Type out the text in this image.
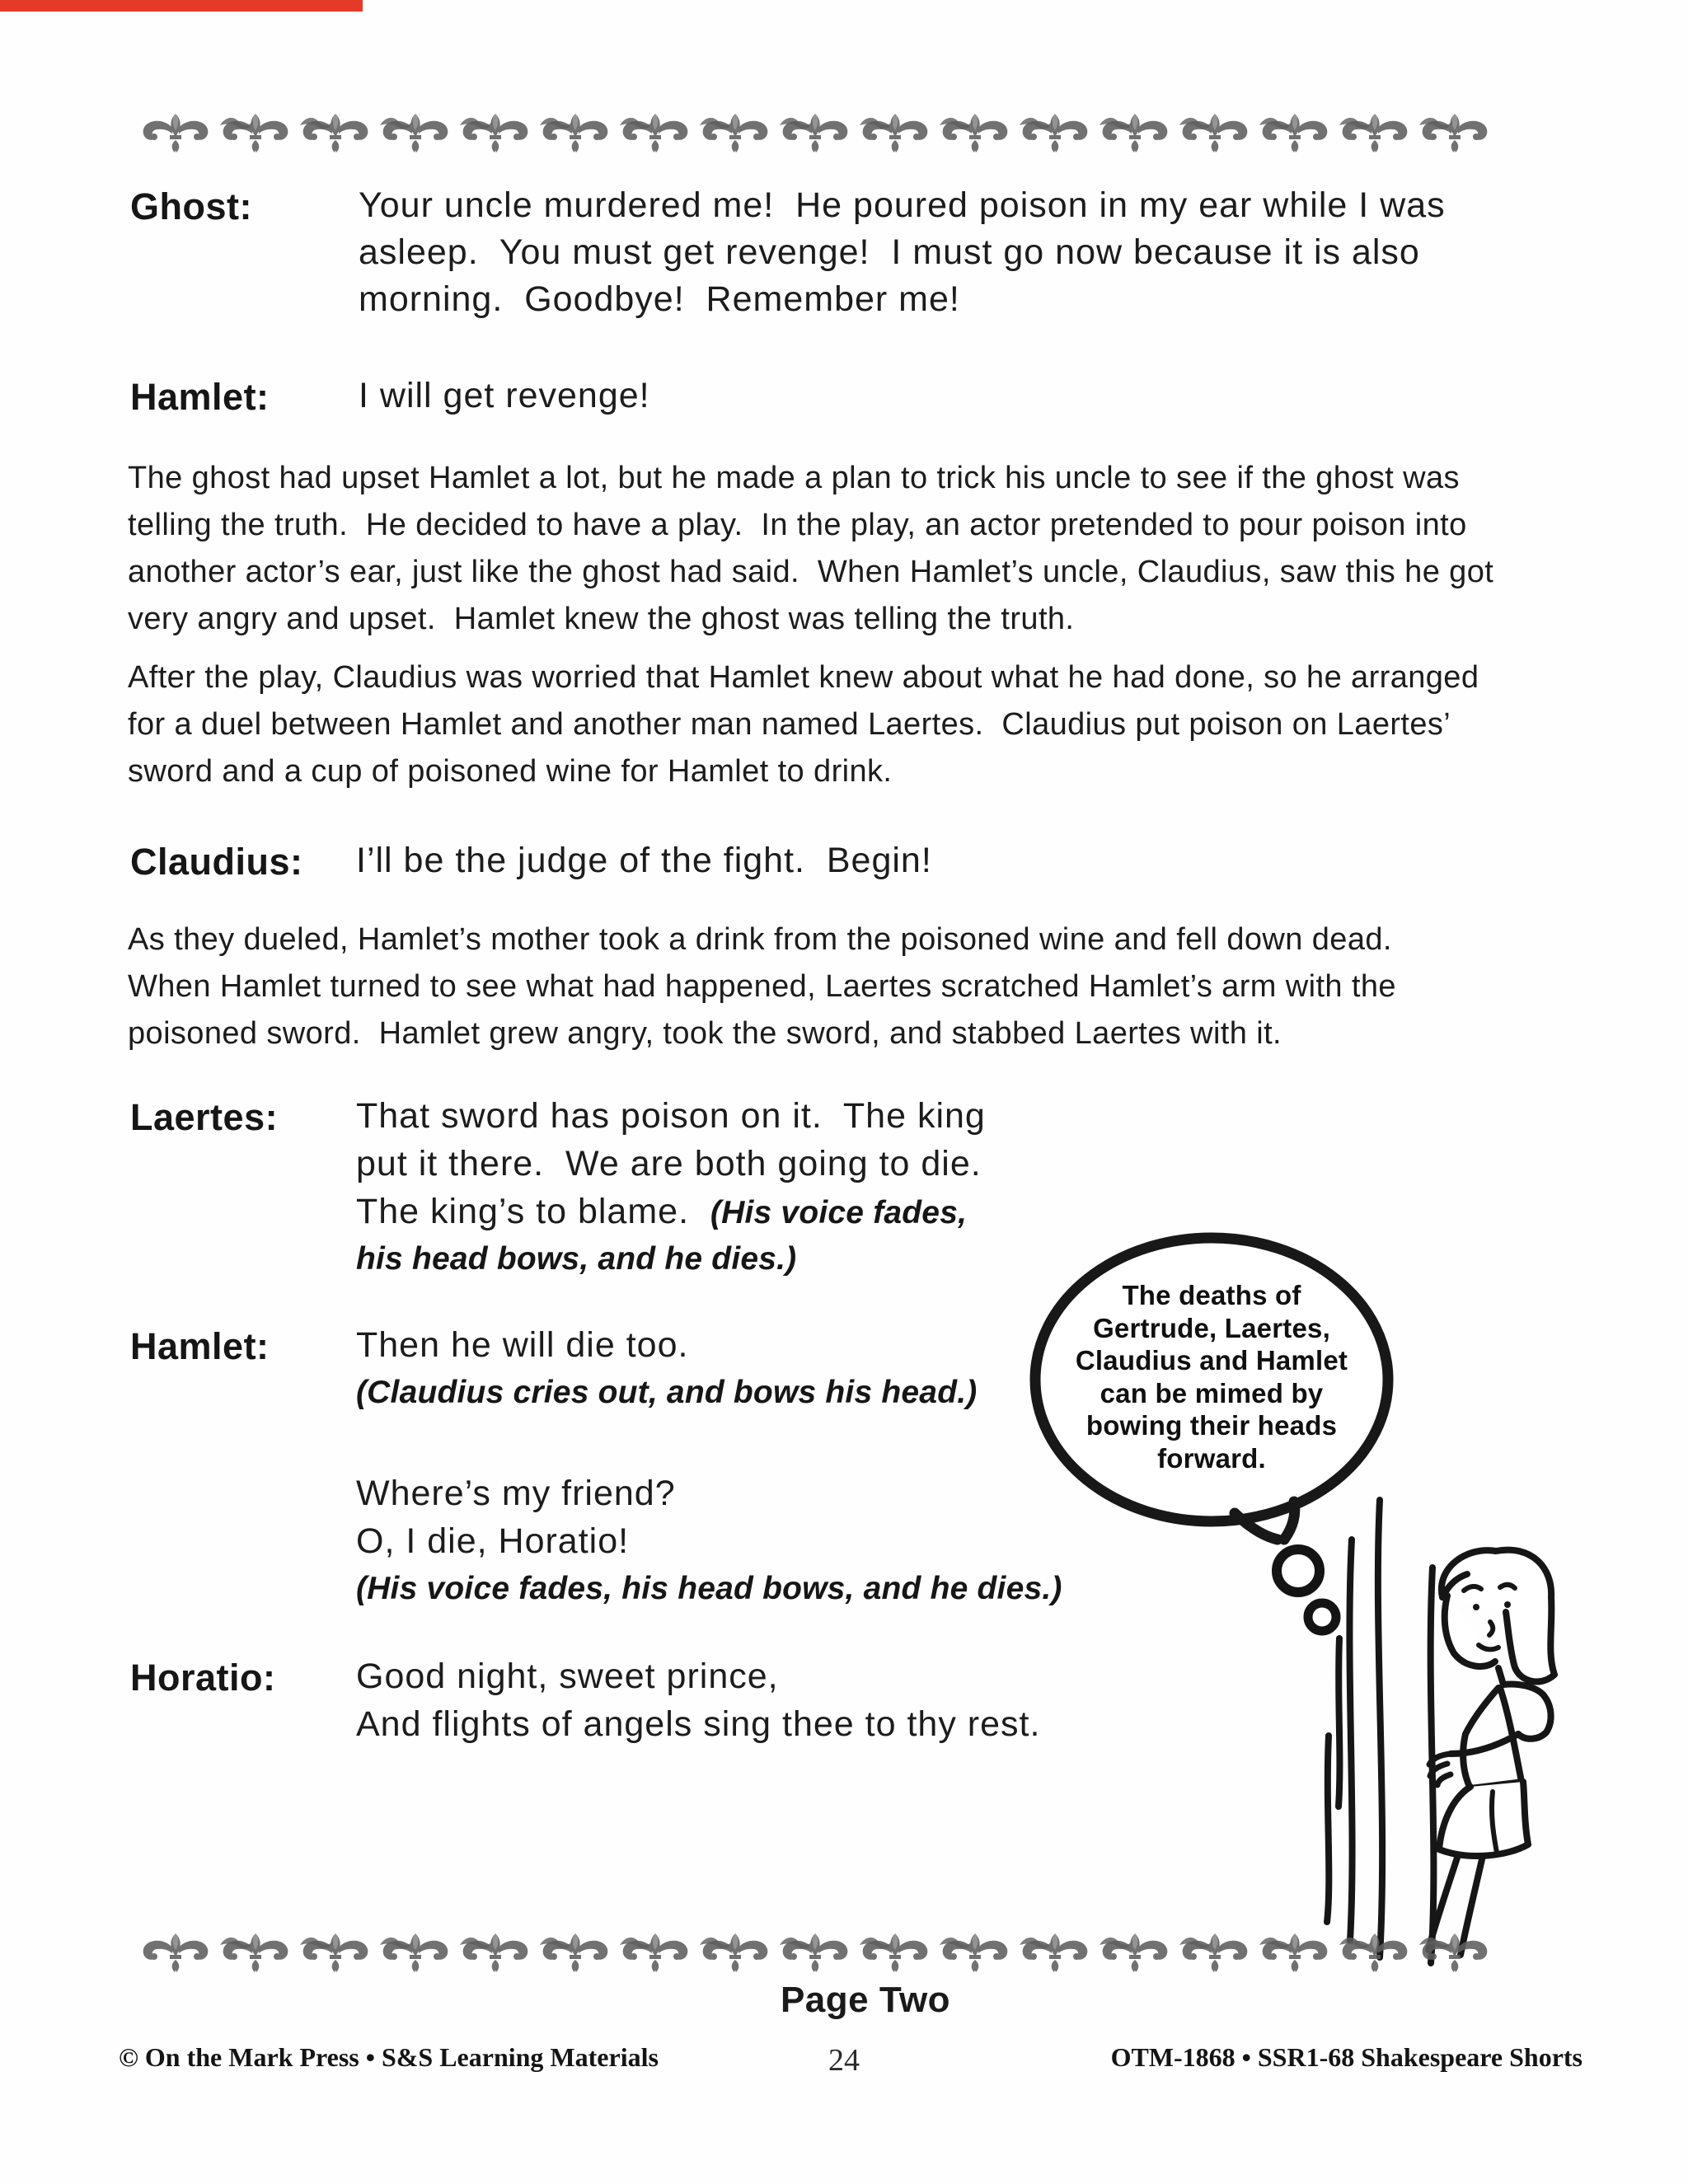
Ghost:	Your uncle murdered me!  He poured poison in my ear while I was
asleep.  You must get revenge!  I must go now because it is also
morning.  Goodbye!  Remember me!
Hamlet:	I will get revenge!
The ghost had upset Hamlet a lot, but he made a plan to trick his uncle to see if the ghost was
telling the truth.  He decided to have a play.  In the play, an actor pretended to pour poison into
another actor’s ear, just like the ghost had said.  When Hamlet’s uncle, Claudius, saw this he got
very angry and upset.  Hamlet knew the ghost was telling the truth.
After the play, Claudius was worried that Hamlet knew about what he had done, so he arranged
for a duel between Hamlet and another man named Laertes.  Claudius put poison on Laertes’
sword and a cup of poisoned wine for Hamlet to drink.
Claudius: I’ll be the judge of the fight.  Begin!
As they dueled, Hamlet’s mother took a drink from the poisoned wine and fell down dead.
When Hamlet turned to see what had happened, Laertes scratched Hamlet’s arm with the
poisoned sword.  Hamlet grew angry, took the sword, and stabbed Laertes with it.
Laertes: That sword has poison on it.  The king
put it there.  We are both going to die.
The king’s to blame.  (His voice fades,
his head bows, and he dies.)
Hamlet: Then he will die too.
(Claudius cries out, and bows his head.)
Where’s my friend?
O, I die, Horatio!
(His voice fades, his head bows, and he dies.)
Horatio: Good night, sweet prince,
And flights of angels sing thee to thy rest.
The deaths of
Gertrude, Laertes,
Claudius and Hamlet
can be mimed by
bowing their heads
forward.
Page Two
© On the Mark Press • S&S Learning Materials	24	OTM-1868 • SSR1-68 Shakespeare Shorts
